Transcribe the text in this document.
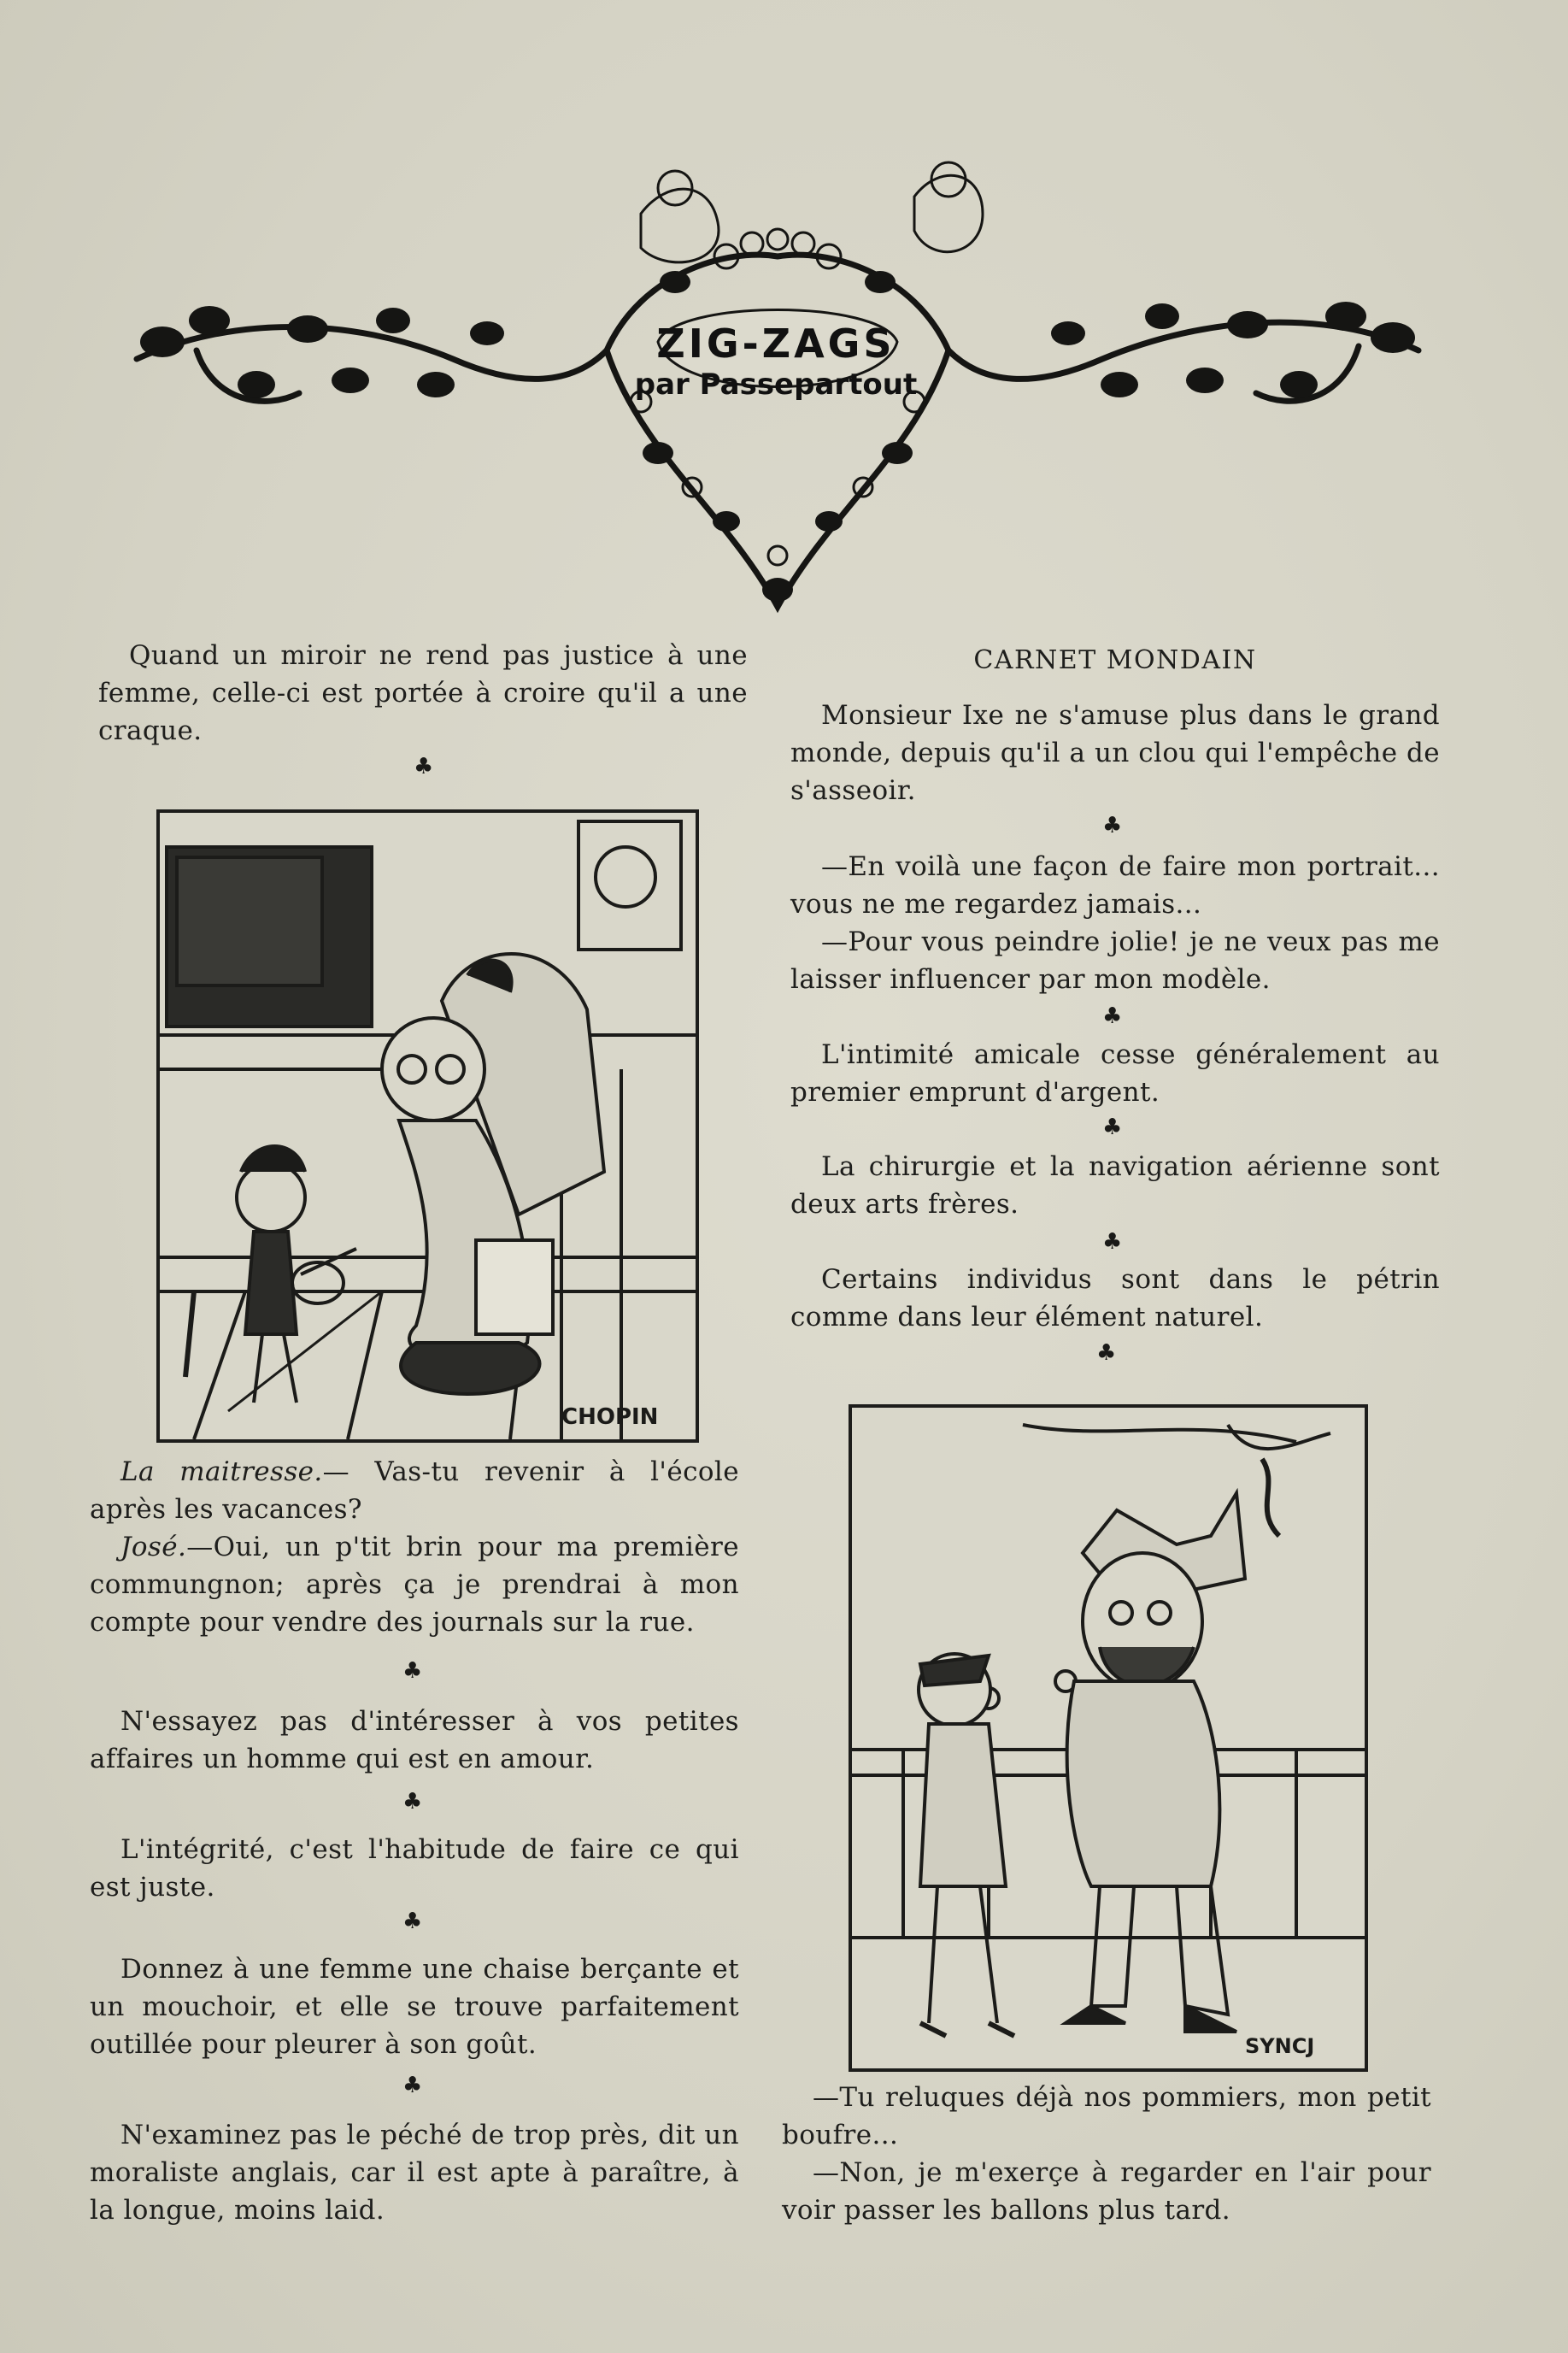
ZIG-ZAGS
par Passepartout

Quand un miroir ne rend pas justice à une femme, celle-ci est portée à croire qu'il a une craque.

♣
CHOPIN

La maitresse.— Vas-tu revenir à l'école après les vacances?

José.—Oui, un p'tit brin pour ma première commungnon; après ça je prendrai à mon compte pour vendre des journals sur la rue.

♣

N'essayez pas d'intéresser à vos petites affaires un homme qui est en amour.

♣

L'intégrité, c'est l'habitude de faire ce qui est juste.

♣

Donnez à une femme une chaise berçante et un mouchoir, et elle se trouve parfaitement outillée pour pleurer à son goût.

♣

N'examinez pas le péché de trop près, dit un moraliste anglais, car il est apte à paraître, à la longue, moins laid.

CARNET MONDAIN

Monsieur Ixe ne s'amuse plus dans le grand monde, depuis qu'il a un clou qui l'empêche de s'asseoir.

♣

—En voilà une façon de faire mon portrait... vous ne me regardez jamais...

—Pour vous peindre jolie! je ne veux pas me laisser influencer par mon modèle.

♣

L'intimité amicale cesse généralement au premier emprunt d'argent.

♣

La chirurgie et la navigation aérienne sont deux arts frères.

♣

Certains individus sont dans le pétrin comme dans leur élément naturel.

♣
SYNCJ

—Tu reluques déjà nos pommiers, mon petit boufre...

—Non, je m'exerçe à regarder en l'air pour voir passer les ballons plus tard.
